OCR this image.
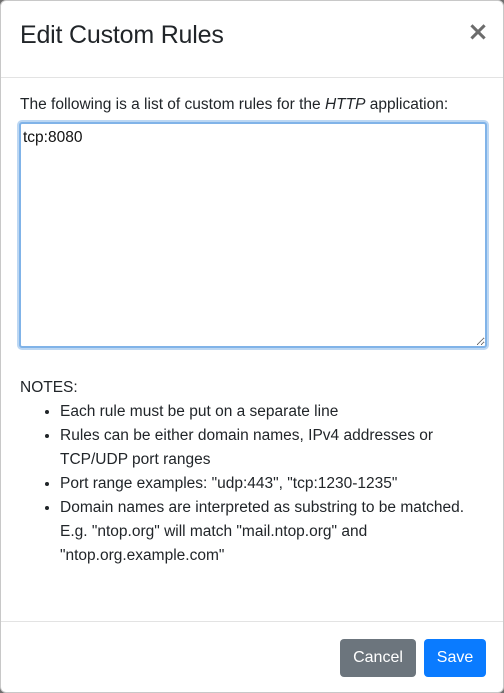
Edit Custom Rules	×
The following is a list of custom rules for the HTTP application:
tcp:8080

NOTES:

• Each rule must be put on a separate line
• Rules can be either domain names, IPv4 addresses or TCP/UDP port ranges
• Port range examples: "udp:443", "tcp:1230-1235"
• Domain names are interpreted as substring to be matched.
E.g. "ntop.org" will match "mail.ntop.org" and "ntop.org.example.com"
Cancel	Save
